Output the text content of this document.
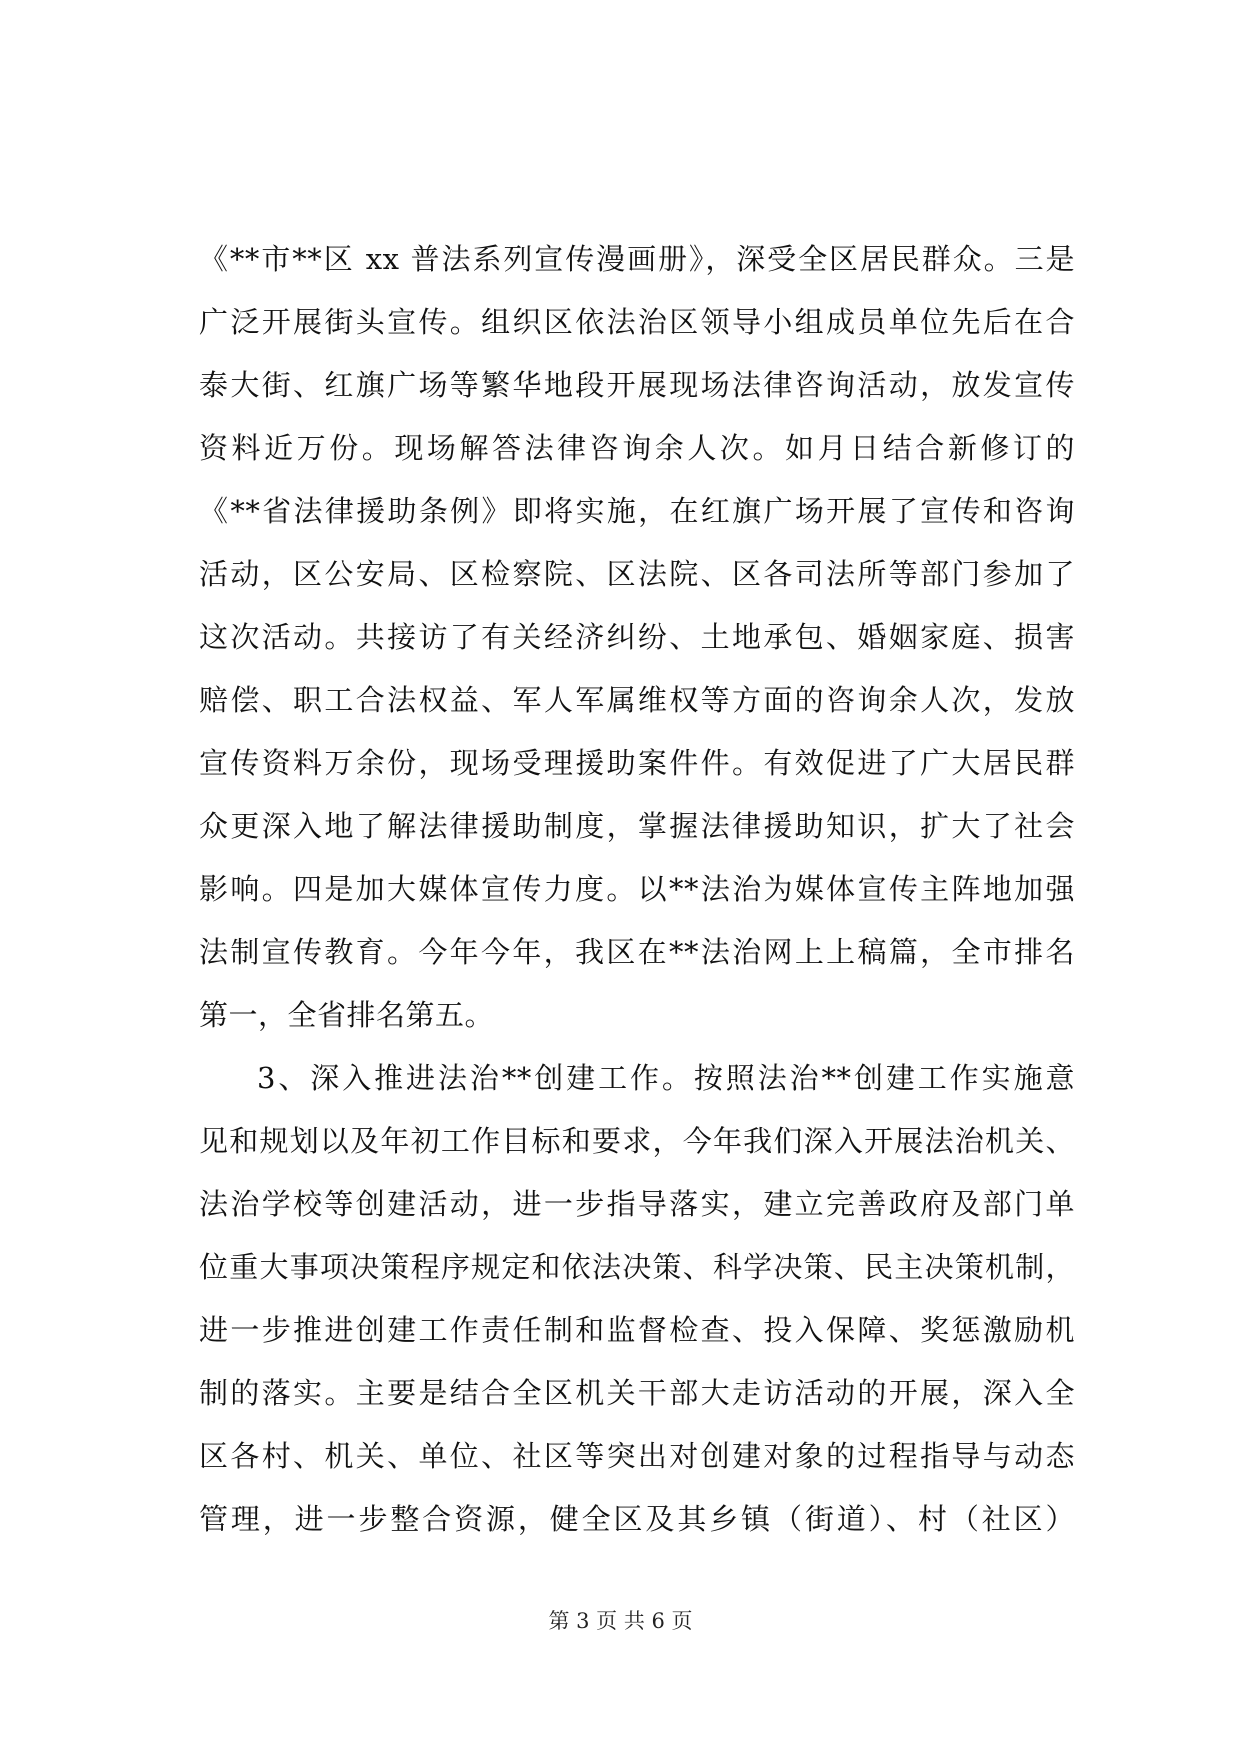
《**市**区 xx 普法系列宣传漫画册》，深受全区居民群众。三是
广泛开展街头宣传。组织区依法治区领导小组成员单位先后在合
泰大街、红旗广场等繁华地段开展现场法律咨询活动，放发宣传
资料近万份。现场解答法律咨询余人次。如月日结合新修订的
《**省法律援助条例》即将实施，在红旗广场开展了宣传和咨询
活动，区公安局、区检察院、区法院、区各司法所等部门参加了
这次活动。共接访了有关经济纠纷、土地承包、婚姻家庭、损害
赔偿、职工合法权益、军人军属维权等方面的咨询余人次，发放
宣传资料万余份，现场受理援助案件件。有效促进了广大居民群
众更深入地了解法律援助制度，掌握法律援助知识，扩大了社会
影响。四是加大媒体宣传力度。以**法治为媒体宣传主阵地加强
法制宣传教育。今年今年，我区在**法治网上上稿篇，全市排名
第一，全省排名第五。
3、深入推进法治**创建工作。按照法治**创建工作实施意
见和规划以及年初工作目标和要求，今年我们深入开展法治机关、
法治学校等创建活动，进一步指导落实，建立完善政府及部门单
位重大事项决策程序规定和依法决策、科学决策、民主决策机制，
进一步推进创建工作责任制和监督检查、投入保障、奖惩激励机
制的落实。主要是结合全区机关干部大走访活动的开展，深入全
区各村、机关、单位、社区等突出对创建对象的过程指导与动态
管理，进一步整合资源，健全区及其乡镇（街道）、村（社区）
第 3 页 共 6 页
